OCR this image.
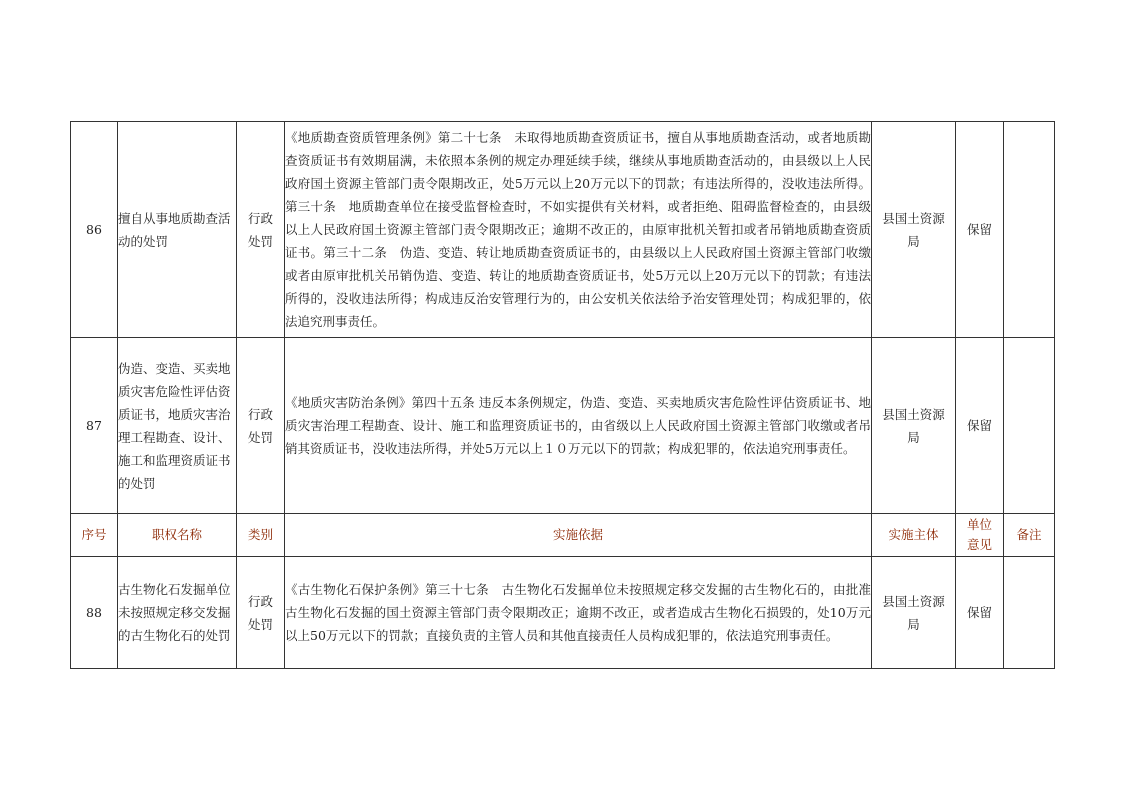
86	擅自从事地质勘查活动的处罚	行政处罚	《地质勘查资质管理条例》第二十七条　未取得地质勘查资质证书，擅自从事地质勘查活动，或者地质勘查资质证书有效期届满，未依照本条例的规定办理延续手续，继续从事地质勘查活动的，由县级以上人民政府国土资源主管部门责令限期改正，处5万元以上20万元以下的罚款；有违法所得的，没收违法所得。第三十条　地质勘查单位在接受监督检查时，不如实提供有关材料，或者拒绝、阻碍监督检查的，由县级以上人民政府国土资源主管部门责令限期改正；逾期不改正的，由原审批机关暂扣或者吊销地质勘查资质证书。第三十二条　伪造、变造、转让地质勘查资质证书的，由县级以上人民政府国土资源主管部门收缴或者由原审批机关吊销伪造、变造、转让的地质勘查资质证书，处5万元以上20万元以下的罚款；有违法所得的，没收违法所得；构成违反治安管理行为的，由公安机关依法给予治安管理处罚；构成犯罪的，依法追究刑事责任。	县国土资源局	保留	
87	伪造、变造、买卖地质灾害危险性评估资质证书，地质灾害治理工程勘查、设计、施工和监理资质证书的处罚	行政处罚	《地质灾害防治条例》第四十五条 违反本条例规定，伪造、变造、买卖地质灾害危险性评估资质证书、地质灾害治理工程勘查、设计、施工和监理资质证书的，由省级以上人民政府国土资源主管部门收缴或者吊销其资质证书，没收违法所得，并处5万元以上１０万元以下的罚款；构成犯罪的，依法追究刑事责任。	县国土资源局	保留	
序号	职权名称	类别	实施依据	实施主体	单位意见	备注
88	古生物化石发掘单位未按照规定移交发掘的古生物化石的处罚	行政处罚	《古生物化石保护条例》第三十七条　古生物化石发掘单位未按照规定移交发掘的古生物化石的，由批准古生物化石发掘的国土资源主管部门责令限期改正；逾期不改正，或者造成古生物化石损毁的，处10万元以上50万元以下的罚款；直接负责的主管人员和其他直接责任人员构成犯罪的，依法追究刑事责任。	县国土资源局	保留	
